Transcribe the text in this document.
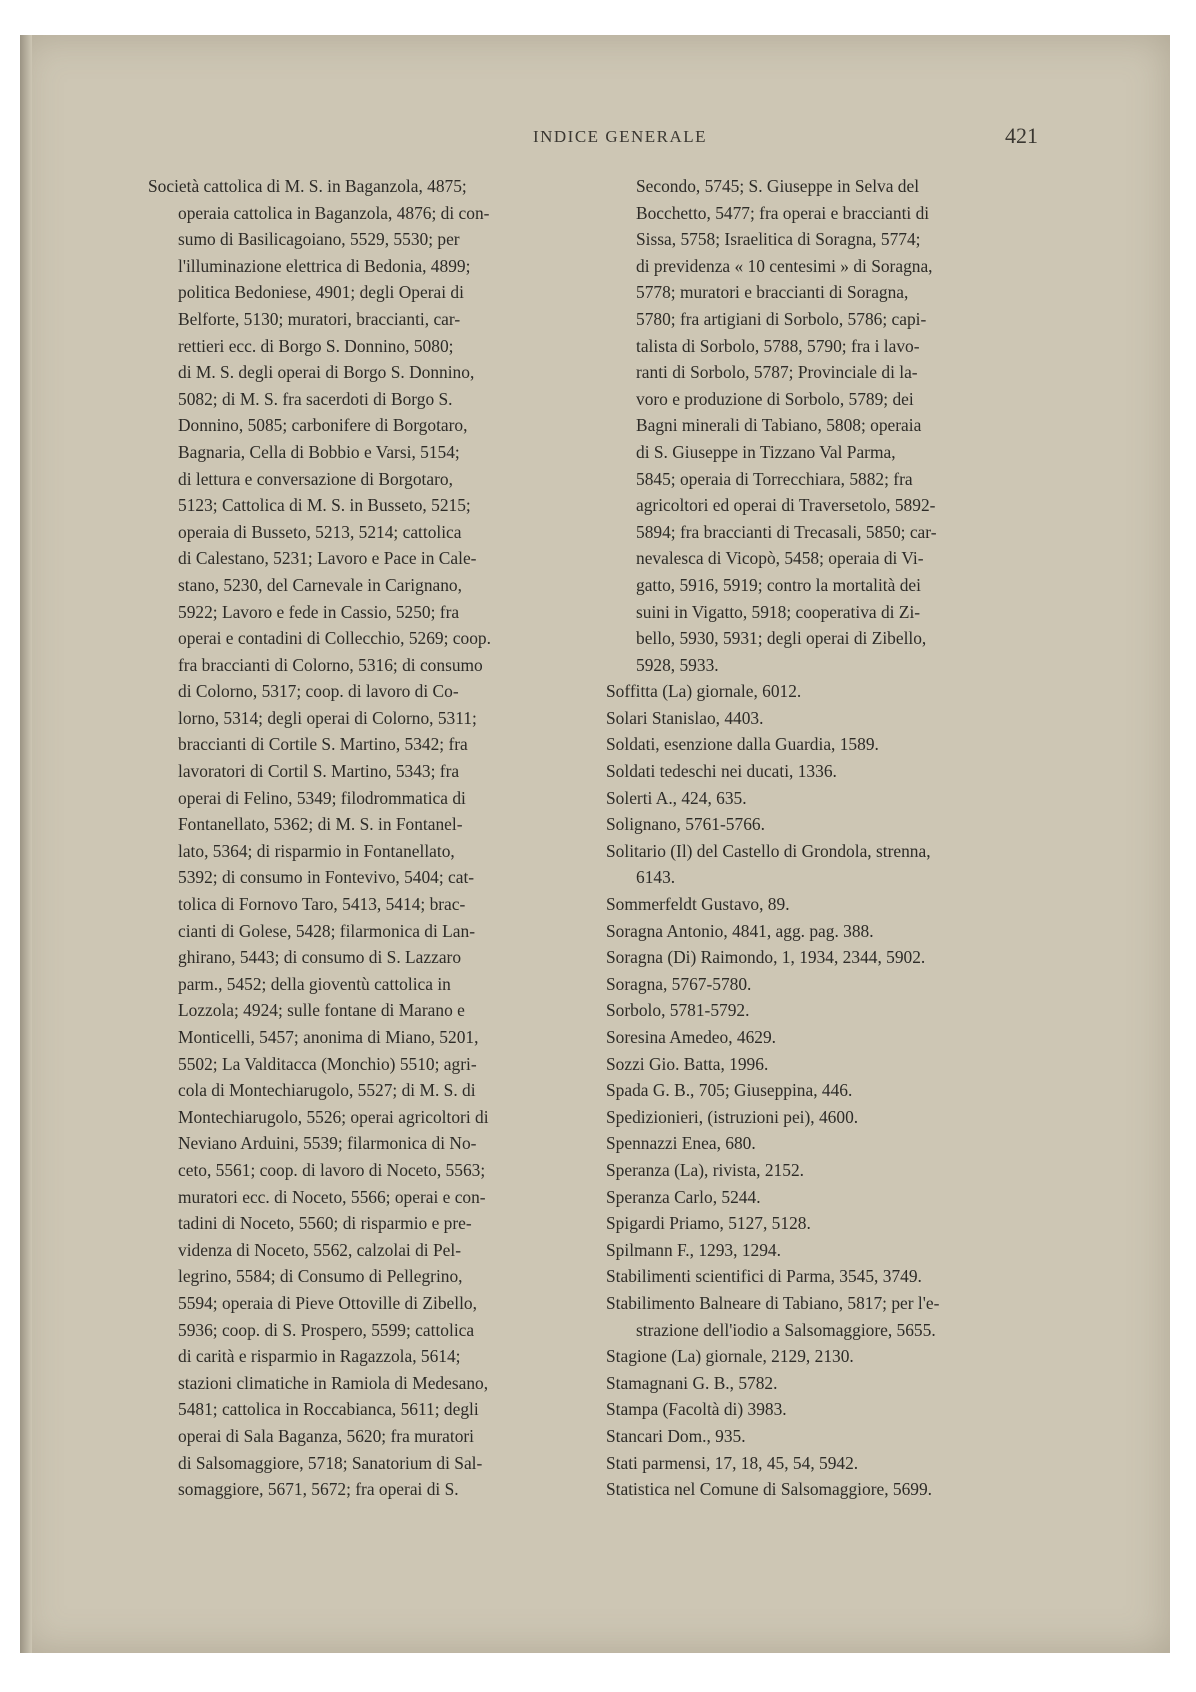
INDICE GENERALE	421
Società cattolica di M. S. in Baganzola, 4875;
operaia cattolica in Baganzola, 4876; di con-
sumo di Basilicagoiano, 5529, 5530; per
l'illuminazione elettrica di Bedonia, 4899;
politica Bedoniese, 4901; degli Operai di
Belforte, 5130; muratori, braccianti, car-
rettieri ecc. di Borgo S. Donnino, 5080;
di M. S. degli operai di Borgo S. Donnino,
5082; di M. S. fra sacerdoti di Borgo S.
Donnino, 5085; carbonifere di Borgotaro,
Bagnaria, Cella di Bobbio e Varsi, 5154;
di lettura e conversazione di Borgotaro,
5123; Cattolica di M. S. in Busseto, 5215;
operaia di Busseto, 5213, 5214; cattolica
di Calestano, 5231; Lavoro e Pace in Cale-
stano, 5230, del Carnevale in Carignano,
5922; Lavoro e fede in Cassio, 5250; fra
operai e contadini di Collecchio, 5269; coop.
fra braccianti di Colorno, 5316; di consumo
di Colorno, 5317; coop. di lavoro di Co-
lorno, 5314; degli operai di Colorno, 5311;
braccianti di Cortile S. Martino, 5342; fra
lavoratori di Cortil S. Martino, 5343; fra
operai di Felino, 5349; filodrommatica di
Fontanellato, 5362; di M. S. in Fontanel-
lato, 5364; di risparmio in Fontanellato,
5392; di consumo in Fontevivo, 5404; cat-
tolica di Fornovo Taro, 5413, 5414; brac-
cianti di Golese, 5428; filarmonica di Lan-
ghirano, 5443; di consumo di S. Lazzaro
parm., 5452; della gioventù cattolica in
Lozzola; 4924; sulle fontane di Marano e
Monticelli, 5457; anonima di Miano, 5201,
5502; La Valditacca (Monchio) 5510; agri-
cola di Montechiarugolo, 5527; di M. S. di
Montechiarugolo, 5526; operai agricoltori di
Neviano Arduini, 5539; filarmonica di No-
ceto, 5561; coop. di lavoro di Noceto, 5563;
muratori ecc. di Noceto, 5566; operai e con-
tadini di Noceto, 5560; di risparmio e pre-
videnza di Noceto, 5562, calzolai di Pel-
legrino, 5584; di Consumo di Pellegrino,
5594; operaia di Pieve Ottoville di Zibello,
5936; coop. di S. Prospero, 5599; cattolica
di carità e risparmio in Ragazzola, 5614;
stazioni climatiche in Ramiola di Medesano,
5481; cattolica in Roccabianca, 5611; degli
operai di Sala Baganza, 5620; fra muratori
di Salsomaggiore, 5718; Sanatorium di Sal-
somaggiore, 5671, 5672; fra operai di S.
Secondo, 5745; S. Giuseppe in Selva del
Bocchetto, 5477; fra operai e braccianti di
Sissa, 5758; Israelitica di Soragna, 5774;
di previdenza « 10 centesimi » di Soragna,
5778; muratori e braccianti di Soragna,
5780; fra artigiani di Sorbolo, 5786; capi-
talista di Sorbolo, 5788, 5790; fra i lavo-
ranti di Sorbolo, 5787; Provinciale di la-
voro e produzione di Sorbolo, 5789; dei
Bagni minerali di Tabiano, 5808; operaia
di S. Giuseppe in Tizzano Val Parma,
5845; operaia di Torrecchiara, 5882; fra
agricoltori ed operai di Traversetolo, 5892-
5894; fra braccianti di Trecasali, 5850; car-
nevalesca di Vicopò, 5458; operaia di Vi-
gatto, 5916, 5919; contro la mortalità dei
suini in Vigatto, 5918; cooperativa di Zi-
bello, 5930, 5931; degli operai di Zibello,
5928, 5933.
Soffitta (La) giornale, 6012.
Solari Stanislao, 4403.
Soldati, esenzione dalla Guardia, 1589.
Soldati tedeschi nei ducati, 1336.
Solerti A., 424, 635.
Solignano, 5761-5766.
Solitario (Il) del Castello di Grondola, strenna,
6143.
Sommerfeldt Gustavo, 89.
Soragna Antonio, 4841, agg. pag. 388.
Soragna (Di) Raimondo, 1, 1934, 2344, 5902.
Soragna, 5767-5780.
Sorbolo, 5781-5792.
Soresina Amedeo, 4629.
Sozzi Gio. Batta, 1996.
Spada G. B., 705; Giuseppina, 446.
Spedizionieri, (istruzioni pei), 4600.
Spennazzi Enea, 680.
Speranza (La), rivista, 2152.
Speranza Carlo, 5244.
Spigardi Priamo, 5127, 5128.
Spilmann F., 1293, 1294.
Stabilimenti scientifici di Parma, 3545, 3749.
Stabilimento Balneare di Tabiano, 5817; per l'e-
strazione dell'iodio a Salsomaggiore, 5655.
Stagione (La) giornale, 2129, 2130.
Stamagnani G. B., 5782.
Stampa (Facoltà di) 3983.
Stancari Dom., 935.
Stati parmensi, 17, 18, 45, 54, 5942.
Statistica nel Comune di Salsomaggiore, 5699.
